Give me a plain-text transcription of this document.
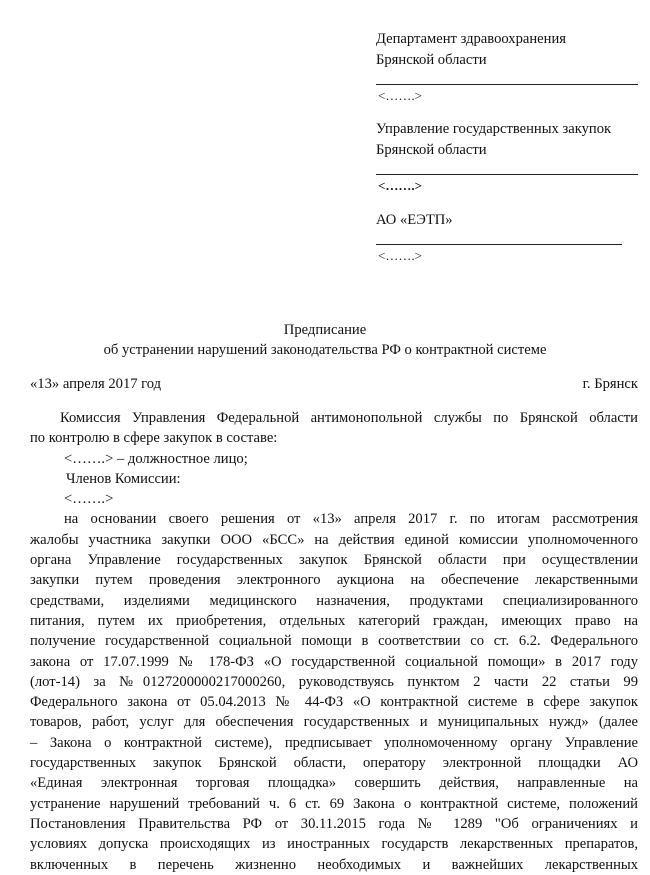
Департамент здравоохранения
Брянской области
<…….>
Управление государственных закупок
Брянской области
<…….>
АО «ЕЭТП»
<…….>
Предписание
об устранении нарушений законодательства РФ о контрактной системе
«13» апреля 2017 год	г. Брянск

Комиссия Управления Федеральной антимонопольной службы по Брянской области

по контролю в сфере закупок в составе:

<…….> – должностное лицо;

Членов Комиссии:

<…….>

на основании своего решения от «13» апреля 2017 г. по итогам рассмотрения

жалобы участника закупки ООО «БСС» на действия единой комиссии уполномоченного

органа Управление государственных закупок Брянской области при осуществлении

закупки путем проведения электронного аукциона на обеспечение лекарственными

средствами, изделиями медицинского назначения, продуктами специализированного

питания, путем их приобретения, отдельных категорий граждан, имеющих право на

получение государственной социальной помощи в соответствии со ст. 6.2. Федерального

закона от 17.07.1999 № 178-ФЗ «О государственной социальной помощи» в 2017 году

(лот-14) за №0127200000217000260, руководствуясь пунктом 2 части 22 статьи 99

Федерального закона от 05.04.2013 № 44-ФЗ «О контрактной системе в сфере закупок

товаров, работ, услуг для обеспечения государственных и муниципальных нужд» (далее

– Закона о контрактной системе), предписывает уполномоченному органу Управление

государственных закупок Брянской области, оператору электронной площадки АО

«Единая электронная торговая площадка» совершить действия, направленные на

устранение нарушений требований ч. 6 ст. 69 Закона о контрактной системе, положений

Постановления Правительства РФ от 30.11.2015 года № 1289 "Об ограничениях и

условиях допуска происходящих из иностранных государств лекарственных препаратов,

включенных в перечень жизненно необходимых и важнейших лекарственных
